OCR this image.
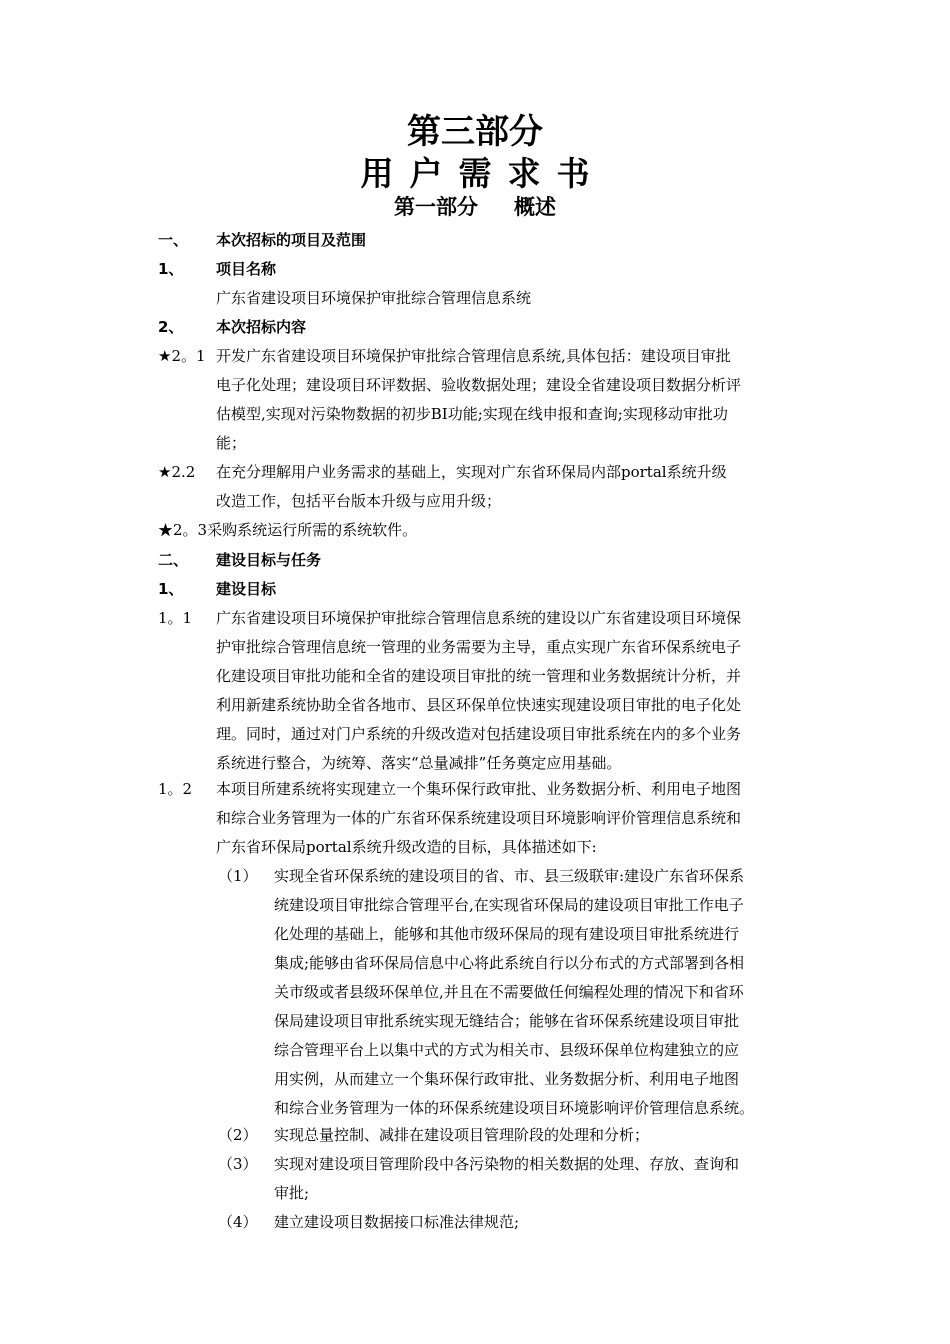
第三部分
用户需求书
第一部分 概述
一、 本次招标的项目及范围
1、 项目名称
广东省建设项目环境保护审批综合管理信息系统
2、 本次招标内容
★2。1 开发广东省建设项目环境保护审批综合管理信息系统,具体包括：建设项目审批
电子化处理；建设项目环评数据、验收数据处理；建设全省建设项目数据分析评
估模型,实现对污染物数据的初步BI功能;实现在线申报和查询;实现移动审批功
能；
★2.2 在充分理解用户业务需求的基础上，实现对广东省环保局内部portal系统升级
改造工作，包括平台版本升级与应用升级；
★2。3采购系统运行所需的系统软件。
二、 建设目标与任务
1、 建设目标
1。1 广东省建设项目环境保护审批综合管理信息系统的建设以广东省建设项目环境保
护审批综合管理信息统一管理的业务需要为主导，重点实现广东省环保系统电子
化建设项目审批功能和全省的建设项目审批的统一管理和业务数据统计分析，并
利用新建系统协助全省各地市、县区环保单位快速实现建设项目审批的电子化处
理。同时，通过对门户系统的升级改造对包括建设项目审批系统在内的多个业务
系统进行整合，为统筹、落实“总量减排”任务奠定应用基础。
1。2 本项目所建系统将实现建立一个集环保行政审批、业务数据分析、利用电子地图
和综合业务管理为一体的广东省环保系统建设项目环境影响评价管理信息系统和
广东省环保局portal系统升级改造的目标，具体描述如下:
（1） 实现全省环保系统的建设项目的省、市、县三级联审:建设广东省环保系
统建设项目审批综合管理平台,在实现省环保局的建设项目审批工作电子
化处理的基础上，能够和其他市级环保局的现有建设项目审批系统进行
集成;能够由省环保局信息中心将此系统自行以分布式的方式部署到各相
关市级或者县级环保单位,并且在不需要做任何编程处理的情况下和省环
保局建设项目审批系统实现无缝结合；能够在省环保系统建设项目审批
综合管理平台上以集中式的方式为相关市、县级环保单位构建独立的应
用实例，从而建立一个集环保行政审批、业务数据分析、利用电子地图
和综合业务管理为一体的环保系统建设项目环境影响评价管理信息系统。
（2） 实现总量控制、减排在建设项目管理阶段的处理和分析；
（3） 实现对建设项目管理阶段中各污染物的相关数据的处理、存放、查询和
审批;
（4） 建立建设项目数据接口标准法律规范;
